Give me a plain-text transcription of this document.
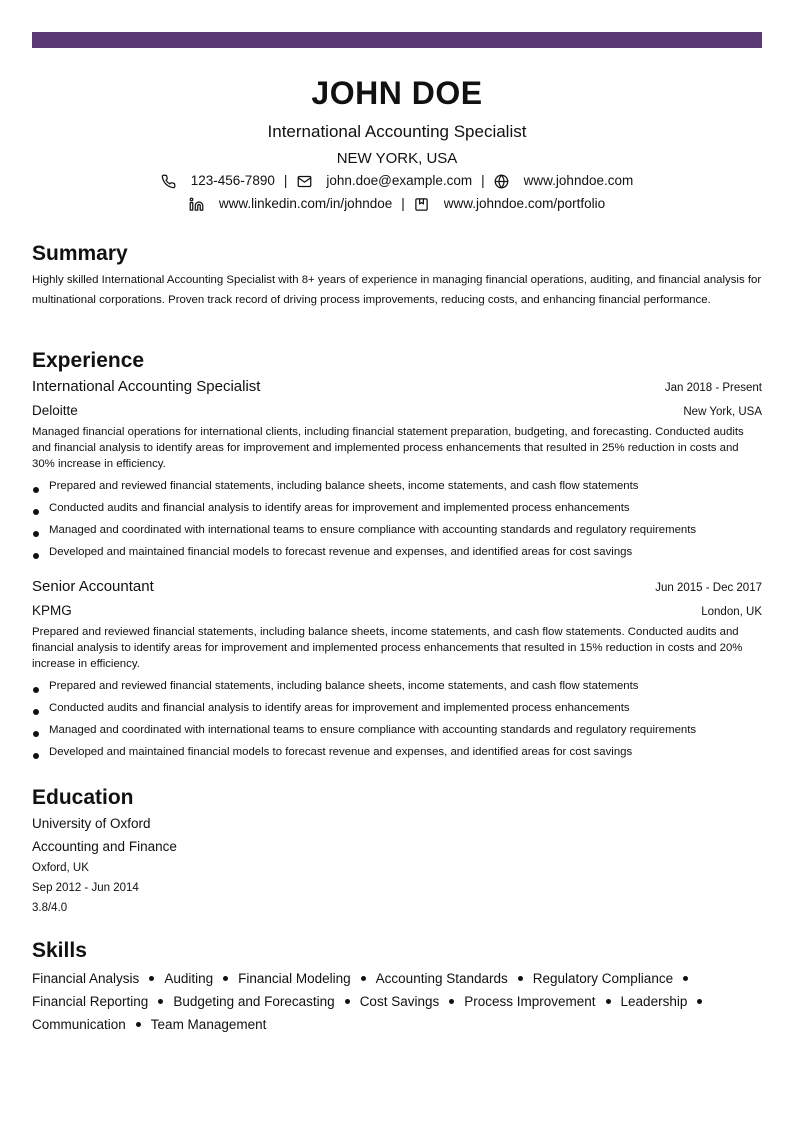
JOHN DOE
International Accounting Specialist
NEW YORK, USA
123-456-7890 |	john.doe@example.com |	www.johndoe.com
www.linkedin.com/in/johndoe |	www.johndoe.com/portfolio
Summary
Highly skilled International Accounting Specialist with 8+ years of experience in managing financial operations, auditing, and financial analysis for multinational corporations. Proven track record of driving process improvements, reducing costs, and enhancing financial performance.
Experience
International Accounting Specialist	Jan 2018 - Present
Deloitte	New York, USA
Managed financial operations for international clients, including financial statement preparation, budgeting, and forecasting. Conducted audits and financial analysis to identify areas for improvement and implemented process enhancements that resulted in 25% reduction in costs and 30% increase in efficiency.
Prepared and reviewed financial statements, including balance sheets, income statements, and cash flow statements
Conducted audits and financial analysis to identify areas for improvement and implemented process enhancements
Managed and coordinated with international teams to ensure compliance with accounting standards and regulatory requirements
Developed and maintained financial models to forecast revenue and expenses, and identified areas for cost savings
Senior Accountant	Jun 2015 - Dec 2017
KPMG	London, UK
Prepared and reviewed financial statements, including balance sheets, income statements, and cash flow statements. Conducted audits and financial analysis to identify areas for improvement and implemented process enhancements that resulted in 15% reduction in costs and 20% increase in efficiency.
Prepared and reviewed financial statements, including balance sheets, income statements, and cash flow statements
Conducted audits and financial analysis to identify areas for improvement and implemented process enhancements
Managed and coordinated with international teams to ensure compliance with accounting standards and regulatory requirements
Developed and maintained financial models to forecast revenue and expenses, and identified areas for cost savings
Education
University of Oxford
Accounting and Finance
Oxford, UK
Sep 2012 - Jun 2014
3.8/4.0
Skills
Financial Analysis Auditing Financial Modeling Accounting Standards Regulatory Compliance
Financial Reporting Budgeting and Forecasting Cost Savings Process Improvement Leadership
Communication Team Management
